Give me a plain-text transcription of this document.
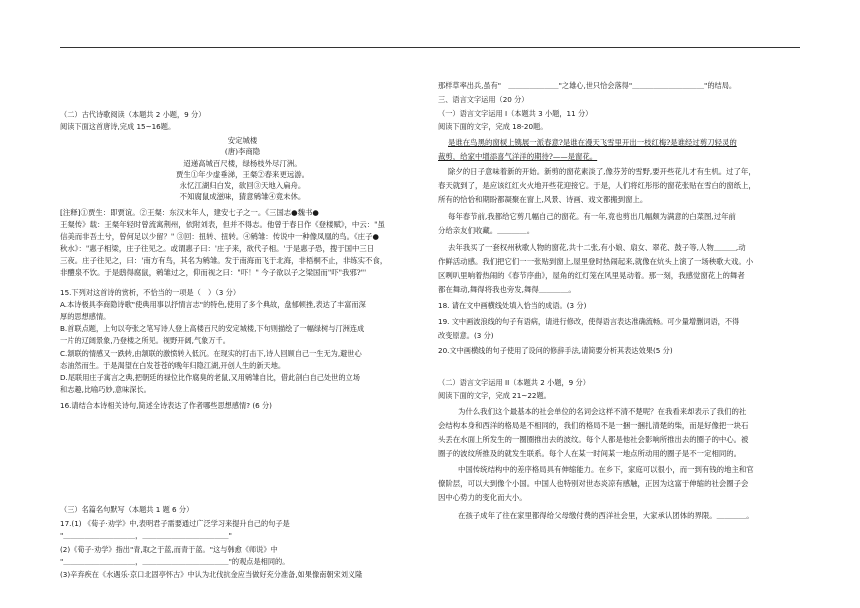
（二）古代诗歌阅读（本题共 2 小题，9 分）
阅读下面这首唐诗,完成 15~16题。
安定城楼
(唐)李商隐
迢递高城百尺楼，绿杨枝外尽汀洲。
贾生①年少虚垂涕，王粲②春来更远游。
永忆江湖归白发，欲回③天地入扁舟。
不知腐鼠成滋味，猜意鹓雏④竟未休。
[注释]①贾生：即贾谊。②王粲：东汉末年人，建安七子之一。《三国志●魏书●
王粲传》载：王粲年轻时曾流寓荆州，依附刘表，但并不得志。他曾于春日作《登楼赋》，中云："虽
信美而非吾土兮，曾何足以少留？" ③回：扭转、扭转。④鹓雏：传说中一种像凤凰的鸟。《庄子●
秋水》："惠子相梁，庄子往见之。或谓惠子曰：'庄子来，欲代子相。'于是惠子恐，搜于国中三日
三夜。庄子往见之，曰：'南方有鸟，其名为鹓雏。发于南海而飞于北海，非梧桐不止，非练实不食，
非醴泉不饮。于是鸱得腐鼠，鹓雏过之，仰而视之曰："吓！" 今子欲以子之梁国而"吓"我邪?"'
15.下列对这首诗的赏析，不恰当的一项是（　）（3 分）
A.本诗极具李商隐诗歌"使典用事以抒情言志"的特色,使用了多个典故，盘郁顿挫,表达了丰富而深
厚的思想感情。
B.首联点题，上句以夸张之笔写诗人登上高楼百尺的安定城楼,下句则描绘了一幅绿树与汀洲连成
一片的辽阔景象,乃登楼之所见。视野开阔,气象万千。
C.颔联的情感又一跌转,由颔联的激愤转入低沉。在现实的打击下,诗人回顾自己一生无为,避世心
态油然而生。于是渴望在白发苍苍的晚年归隐江湖,开创人生的新天地。
D.尾联用庄子寓言之典,把朝廷的禄位比作腐臭的老鼠,又用鹓雏自比，借此剖白自己处世的立场
和志趣,比喻巧妙,意味深长。
16.请结合本诗相关诗句,简述全诗表达了作者哪些思想感情? (6 分)
（三）名篇名句默写（本题共 1 题 6 分）
17.(1) 《荀子·劝学》中,表明君子需要通过广泛学习来提升自己的句子是
"＿＿＿＿＿＿＿＿＿＿，＿＿＿＿＿＿＿＿＿＿＿＿"
(2)《荀子·劝学》指出"青,取之于蓝,而青于蓝。"这与韩愈《师说》中
"＿＿＿＿＿＿＿＿＿＿，＿＿＿＿＿＿＿＿＿＿＿＿"的观点是相同的。
(3)辛弃疾在《水遇乐·京口北固亭怀古》中认为北伐抗金应当做好充分准备,如果像南朝宋刘义隆
那样草率出兵,虽有"　＿＿＿＿＿＿＿"之雄心,世只恰会落得"＿＿＿＿＿＿＿＿＿＿"的结局。
三、语言文字运用（20 分）
（一）语言文字运用 I（本题共 3 小题，11 分）
阅读下面的文字，完成 18-20题。
是谁在鸟黑的窗棂上镌展一派春意?是谁在漫天飞雪里开出一枝红梅?是谁经过剪刀轻灵的
裁剪，给家中增添喜气洋洋的期待?——是窗花。
除夕的日子意味着新的开始。新剪的窗花素淡了,像芬芳的雪野,要开些花儿才有生机。过了年，
春天就到了，是应该红红火火地开些花迎接它。于是，人们将红彤彤的窗花张贴在雪白的窗纸上，
所有的恰恰和期盼都凝聚在窗上,风景、诗画、戏文都搬到窗上。
每年春节前,我都给它剪几幅自己的窗花。有一年,竟也剪出几幅颇为满意的白菜图,过年前
分给亲友们收藏。＿＿＿＿。
去年我买了一套权州秋歌人物的窗花,共十二张,有小娘、扇女、翠花、鼓子等,人物＿＿＿,动
作鲜活动感。我们把它们一一张贴到窗上,屋里登时热闹起来,就像在炕头上演了一场秧歌大戏。小
区咧叭里响着热闹的《春节序曲》，屋角的红灯笼在风里晃动着。那一刻，我感觉窗花上的舞者
都在舞动,舞得将我也旁发,舞得＿＿＿＿。
18. 请在文中画横线处填入恰当的成语。(3 分)
19. 文中画波浪线的句子有语病，请进行修改，使得语言表达准确流畅。可少量增删词语，不得
改变原意。(3 分)
20.文中画横线的句子使用了设问的修辞手法,请简要分析其表达效果(5 分)
（二）语言文字运用 II（本题共 2 小题，9 分）
阅读下面的文字，完成 21~22题。
为什么我们这个最基本的社会单位的名词会这样不清不楚呢？在我看来却表示了我们的社
会结构本身和西洋的格局是不相同的，我们的格局不是一捆一捆扎清楚的柴，而是好像把一块石
头丢在水面上所发生的一圈圈推出去的波纹。每个人都是他社会影响所推出去的圈子的中心。被
圈子的波纹所推及的就发生联系。每个人在某一时间某一地点所动用的圈子是不一定相同的。
中国传统结构中的差序格局具有伸缩能力。在乡下，家庭可以很小，而一到有钱的地主和官
僚阶层，可以大到像个小国。中国人也特别对世态炎凉有感触，正因为这富于伸缩的社会圈子会
因中心势力的变化而大小。
在孩子成年了往在家里都得给父母缴付费的西洋社会里，大家承认团体的界限。＿＿＿＿。
